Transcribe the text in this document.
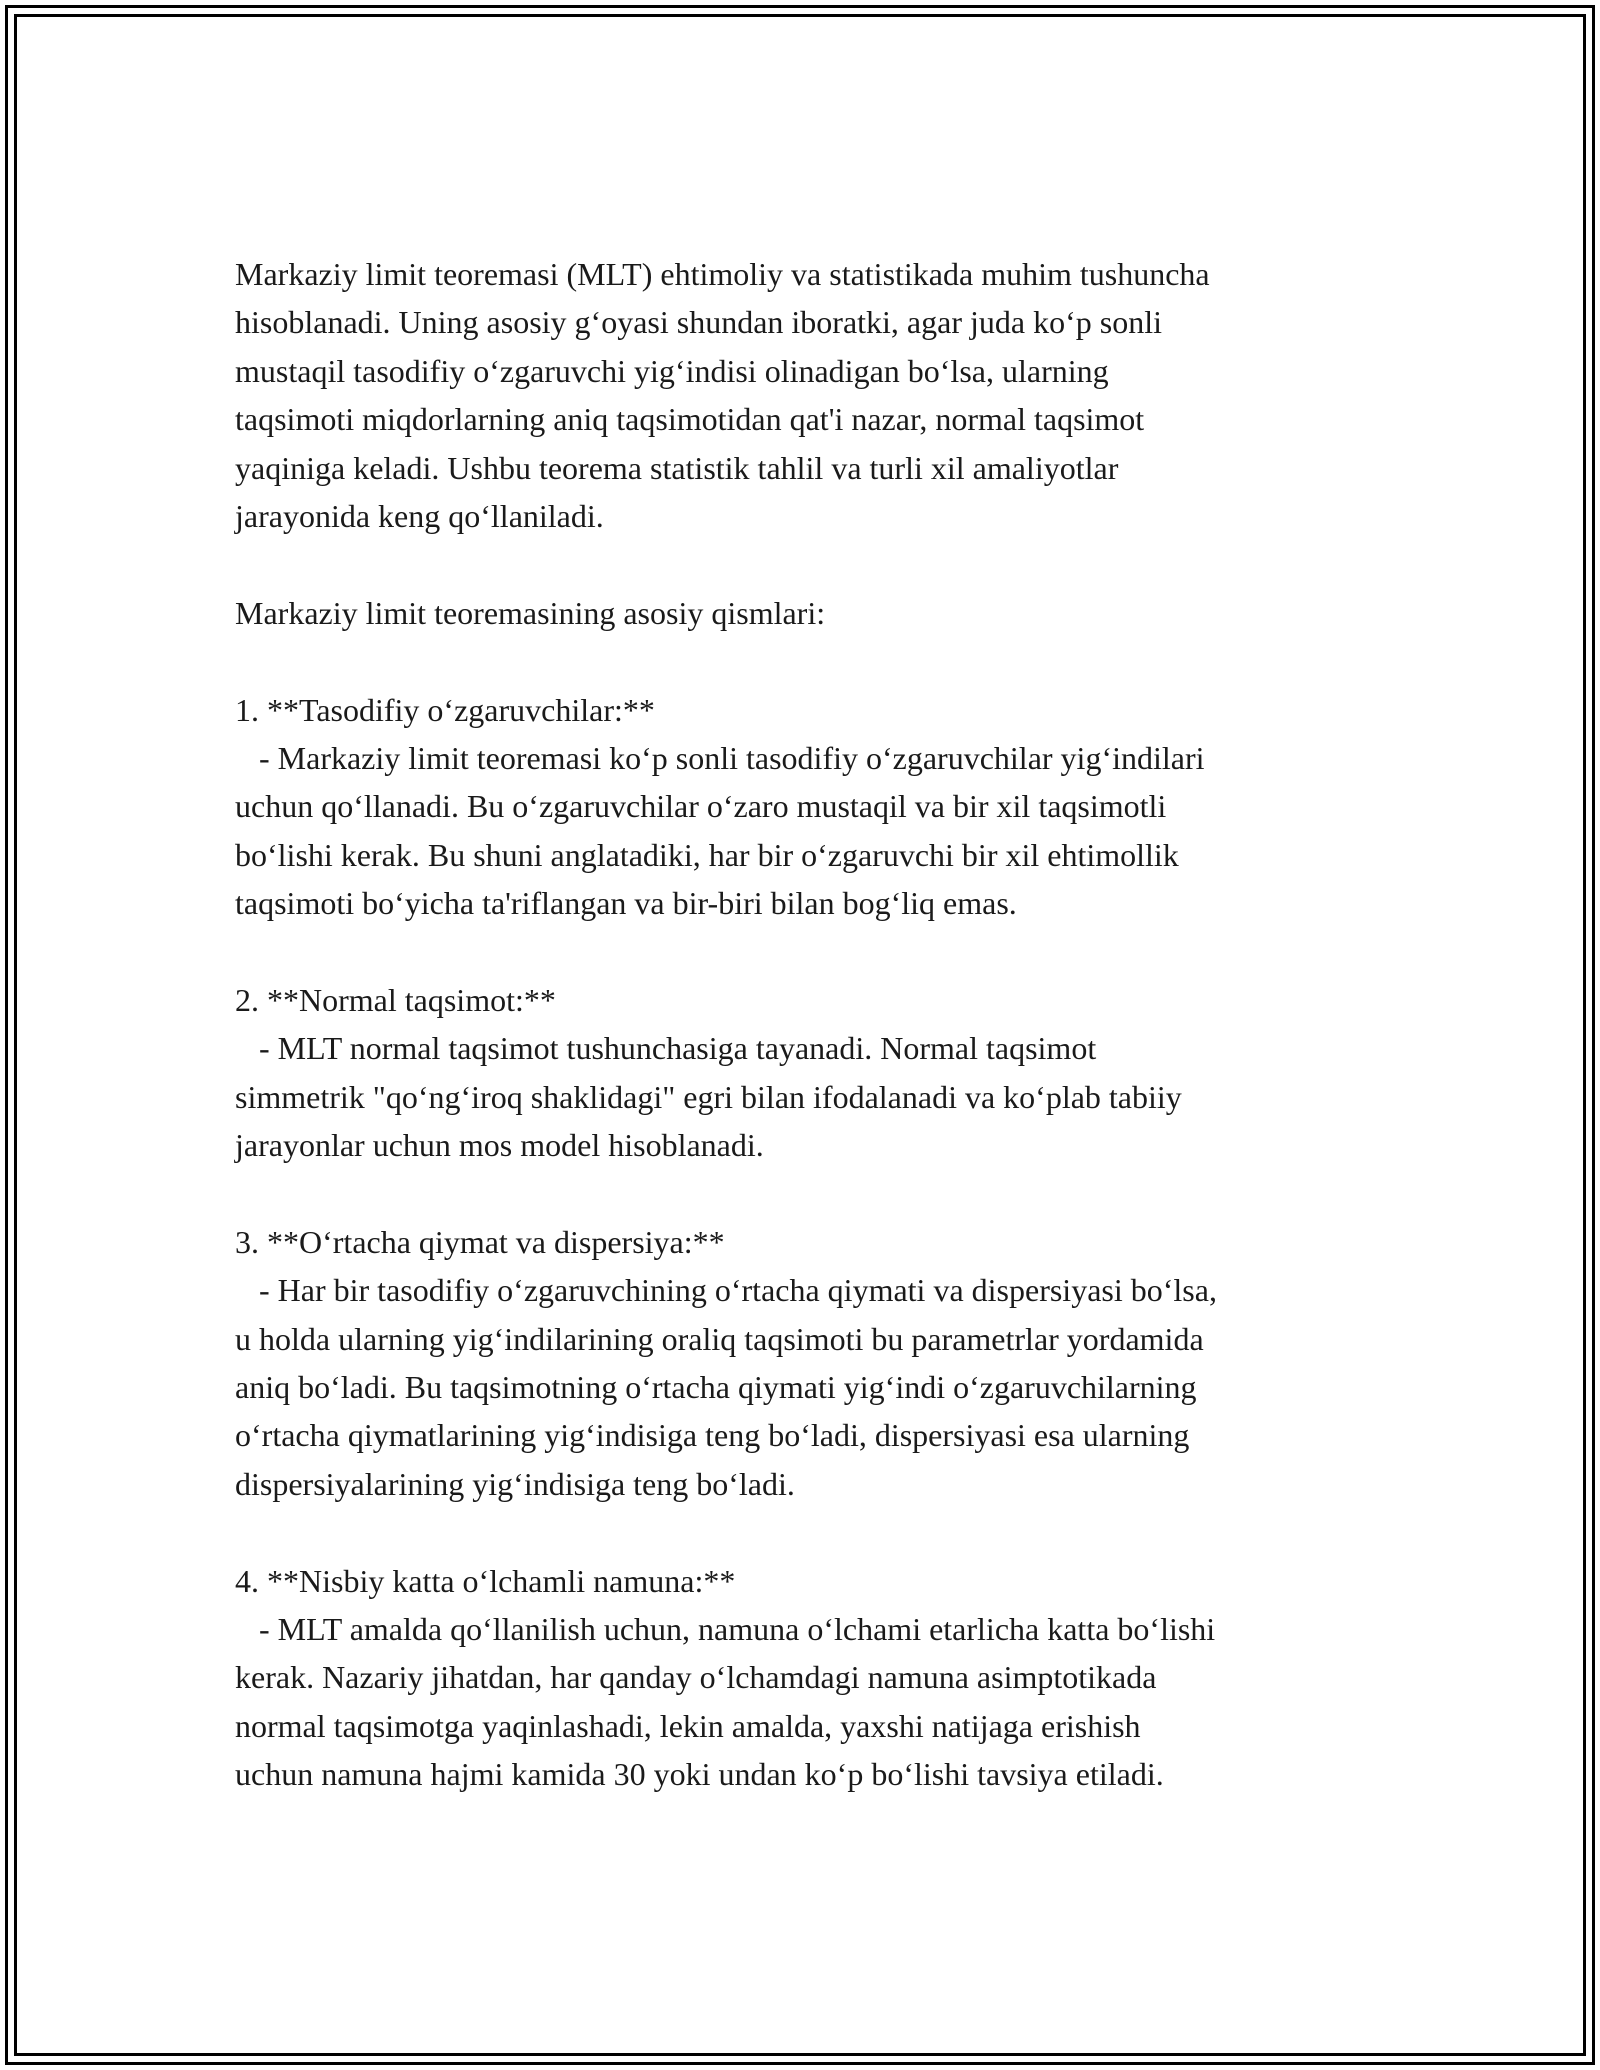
Markaziy limit teoremasi (MLT) ehtimoliy va statistikada muhim tushuncha
hisoblanadi. Uning asosiy g‘oyasi shundan iboratki, agar juda ko‘p sonli
mustaqil tasodifiy o‘zgaruvchi yig‘indisi olinadigan bo‘lsa, ularning
taqsimoti miqdorlarning aniq taqsimotidan qat'i nazar, normal taqsimot
yaqiniga keladi. Ushbu teorema statistik tahlil va turli xil amaliyotlar
jarayonida keng qo‘llaniladi.
Markaziy limit teoremasining asosiy qismlari:
1. **Tasodifiy o‘zgaruvchilar:**
- Markaziy limit teoremasi ko‘p sonli tasodifiy o‘zgaruvchilar yig‘indilari
uchun qo‘llanadi. Bu o‘zgaruvchilar o‘zaro mustaqil va bir xil taqsimotli
bo‘lishi kerak. Bu shuni anglatadiki, har bir o‘zgaruvchi bir xil ehtimollik
taqsimoti bo‘yicha ta'riflangan va bir-biri bilan bog‘liq emas.
2. **Normal taqsimot:**
- MLT normal taqsimot tushunchasiga tayanadi. Normal taqsimot
simmetrik "qo‘ng‘iroq shaklidagi" egri bilan ifodalanadi va ko‘plab tabiiy
jarayonlar uchun mos model hisoblanadi.
3. **O‘rtacha qiymat va dispersiya:**
- Har bir tasodifiy o‘zgaruvchining o‘rtacha qiymati va dispersiyasi bo‘lsa,
u holda ularning yig‘indilarining oraliq taqsimoti bu parametrlar yordamida
aniq bo‘ladi. Bu taqsimotning o‘rtacha qiymati yig‘indi o‘zgaruvchilarning
o‘rtacha qiymatlarining yig‘indisiga teng bo‘ladi, dispersiyasi esa ularning
dispersiyalarining yig‘indisiga teng bo‘ladi.
4. **Nisbiy katta o‘lchamli namuna:**
- MLT amalda qo‘llanilish uchun, namuna o‘lchami etarlicha katta bo‘lishi
kerak. Nazariy jihatdan, har qanday o‘lchamdagi namuna asimptotikada
normal taqsimotga yaqinlashadi, lekin amalda, yaxshi natijaga erishish
uchun namuna hajmi kamida 30 yoki undan ko‘p bo‘lishi tavsiya etiladi.
